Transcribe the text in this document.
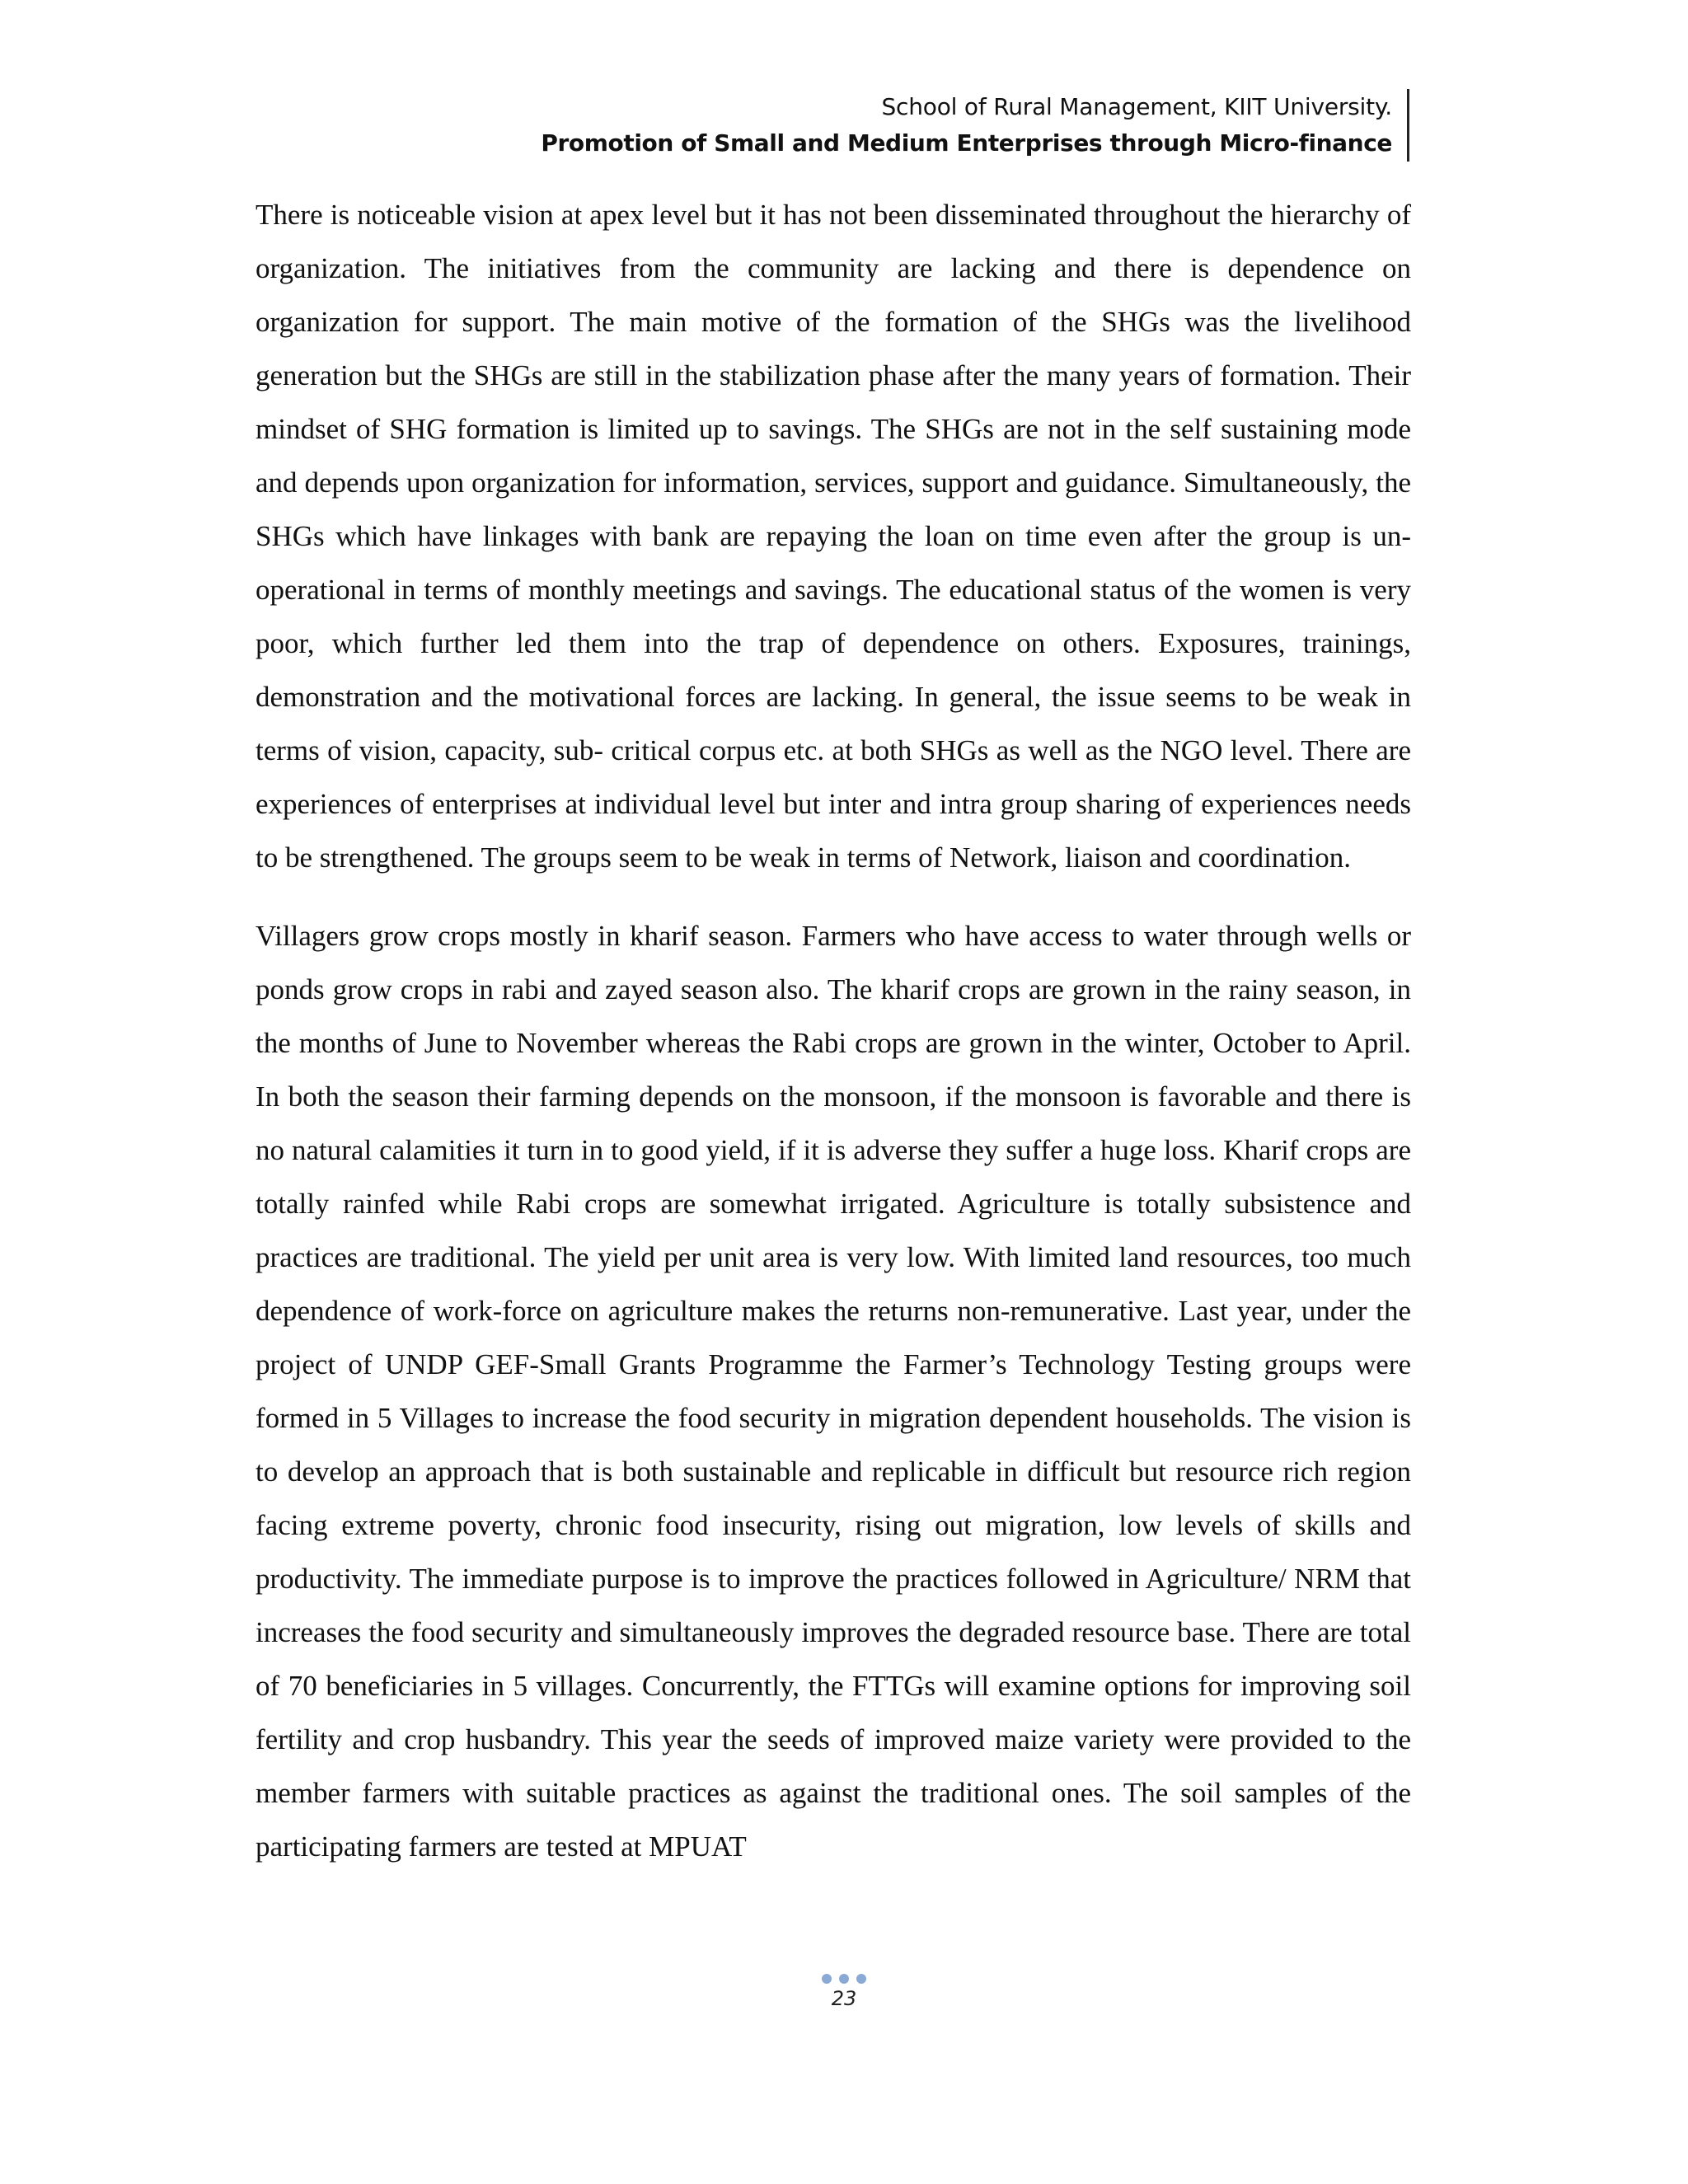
School of Rural Management, KIIT University.
Promotion of Small and Medium Enterprises through Micro-finance

There is noticeable vision at apex level but it has not been disseminated throughout the hierarchy of organization. The initiatives from the community are lacking and there is dependence on organization for support. The main motive of the formation of the SHGs was the livelihood generation but the SHGs are still in the stabilization phase after the many years of formation. Their mindset of SHG formation is limited up to savings. The SHGs are not in the self sustaining mode and depends upon organization for information, services, support and guidance. Simultaneously, the SHGs which have linkages with bank are repaying the loan on time even after the group is un-operational in terms of monthly meetings and savings. The educational status of the women is very poor, which further led them into the trap of dependence on others. Exposures, trainings, demonstration and the motivational forces are lacking. In general, the issue seems to be weak in terms of vision, capacity, sub- critical corpus etc. at both SHGs as well as the NGO level. There are experiences of enterprises at individual level but inter and intra group sharing of experiences needs to be strengthened. The groups seem to be weak in terms of Network, liaison and coordination.

Villagers grow crops mostly in kharif season. Farmers who have access to water through wells or ponds grow crops in rabi and zayed season also. The kharif crops are grown in the rainy season, in the months of June to November whereas the Rabi crops are grown in the winter, October to April. In both the season their farming depends on the monsoon, if the monsoon is favorable and there is no natural calamities it turn in to good yield, if it is adverse they suffer a huge loss. Kharif crops are totally rainfed while Rabi crops are somewhat irrigated. Agriculture is totally subsistence and practices are traditional. The yield per unit area is very low. With limited land resources, too much dependence of work-force on agriculture makes the returns non-remunerative. Last year, under the project of UNDP GEF-Small Grants Programme the Farmer’s Technology Testing groups were formed in 5 Villages to increase the food security in migration dependent households. The vision is to develop an approach that is both sustainable and replicable in difficult but resource rich region facing extreme poverty, chronic food insecurity, rising out migration, low levels of skills and productivity. The immediate purpose is to improve the practices followed in Agriculture/ NRM that increases the food security and simultaneously improves the degraded resource base. There are total of 70 beneficiaries in 5 villages. Concurrently, the FTTGs will examine options for improving soil fertility and crop husbandry. This year the seeds of improved maize variety were provided to the member farmers with suitable practices as against the traditional ones. The soil samples of the participating farmers are tested at MPUAT

23
